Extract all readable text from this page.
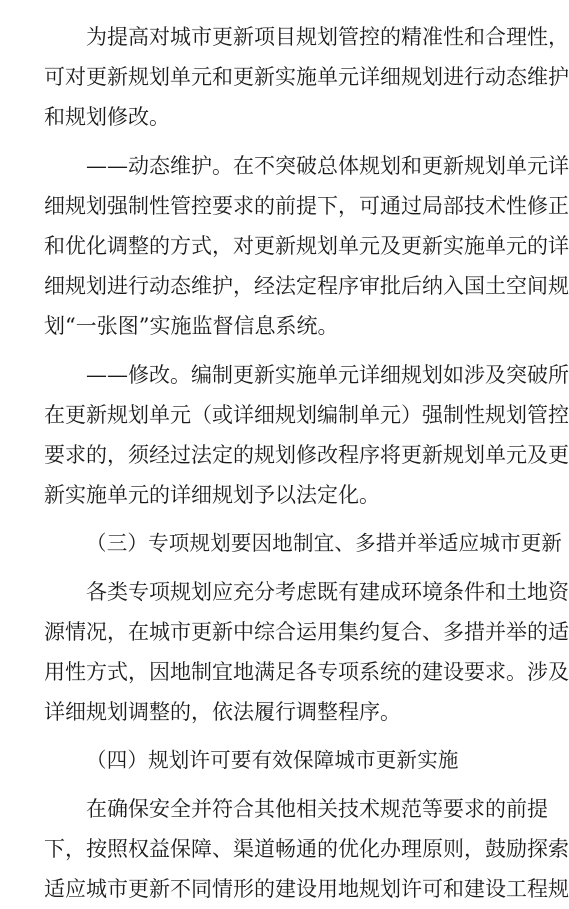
为提高对城市更新项目规划管控的精准性和合理性，
可对更新规划单元和更新实施单元详细规划进行动态维护
和规划修改。
——动态维护。在不突破总体规划和更新规划单元详
细规划强制性管控要求的前提下，可通过局部技术性修正
和优化调整的方式，对更新规划单元及更新实施单元的详
细规划进行动态维护，经法定程序审批后纳入国土空间规
划“一张图”实施监督信息系统。
——修改。编制更新实施单元详细规划如涉及突破所
在更新规划单元（或详细规划编制单元）强制性规划管控
要求的，须经过法定的规划修改程序将更新规划单元及更
新实施单元的详细规划予以法定化。
（三）专项规划要因地制宜、多措并举适应城市更新
各类专项规划应充分考虑既有建成环境条件和土地资
源情况，在城市更新中综合运用集约复合、多措并举的适
用性方式，因地制宜地满足各专项系统的建设要求。涉及
详细规划调整的，依法履行调整程序。
（四）规划许可要有效保障城市更新实施
在确保安全并符合其他相关技术规范等要求的前提
下，按照权益保障、渠道畅通的优化办理原则，鼓励探索
适应城市更新不同情形的建设用地规划许可和建设工程规
